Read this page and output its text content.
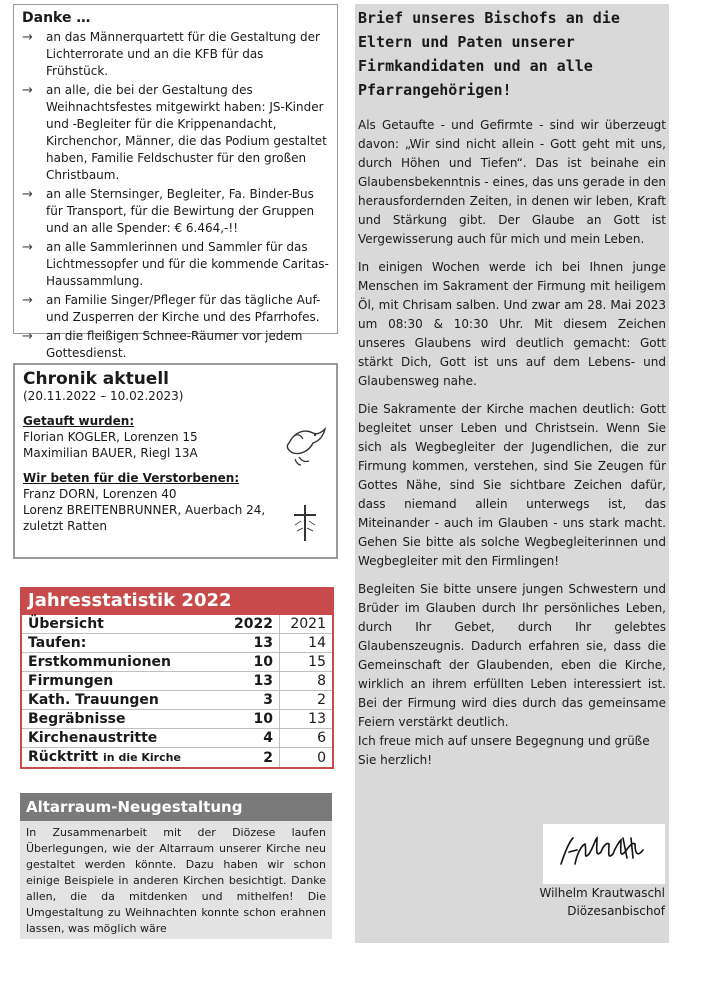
Danke …
→ an das Männerquartett für die Gestaltung der Lichterrorate und an die KFB für das Frühstück.
→ an alle, die bei der Gestaltung des Weihnachtsfestes mitgewirkt haben: JS-Kinder und -Begleiter für die Krippenandacht, Kirchenchor, Männer, die das Podium gestaltet haben, Familie Feldschuster für den großen Christbaum.
→ an alle Sternsinger, Begleiter, Fa. Binder-Bus für Transport, für die Bewirtung der Gruppen und an alle Spender: € 6.464,-!!
→ an alle Sammlerinnen und Sammler für das Lichtmessopfer und für die kommende Caritas-Haussammlung.
→ an Familie Singer/Pfleger für das tägliche Auf- und Zusperren der Kirche und des Pfarrhofes.
→ an die fleißigen Schnee-Räumer vor jedem Gottesdienst.
Chronik aktuell
(20.11.2022 – 10.02.2023)
Getauft wurden:
Florian KOGLER, Lorenzen 15
Maximilian BAUER, Riegl 13A
Wir beten für die Verstorbenen:
Franz DORN, Lorenzen 40
Lorenz BREITENBRUNNER, Auerbach 24,
zuletzt Ratten
Jahresstatistik 2022
Übersicht	2022	2021
Taufen:	13	14
Erstkommunionen	10	15
Firmungen	13	8
Kath. Trauungen	3	2
Begräbnisse	10	13
Kirchenaustritte	4	6
Rücktritt in die Kirche	2	0
Altarraum-Neugestaltung
In Zusammenarbeit mit der Diözese laufen Überlegungen, wie der Altarraum unserer Kirche neu gestaltet werden könnte. Dazu haben wir schon einige Beispiele in anderen Kirchen besichtigt. Danke allen, die da mitdenken und mithelfen! Die Umgestaltung zu Weihnachten konnte schon erahnen lassen, was möglich wäre
Brief unseres Bischofs an die Eltern und Paten unserer Firmkandidaten und an alle Pfarrangehörigen!

Als Getaufte - und Gefirmte - sind wir überzeugt davon: „Wir sind nicht allein - Gott geht mit uns, durch Höhen und Tiefen“. Das ist beinahe ein Glaubensbekenntnis - eines, das uns gerade in den herausfordernden Zeiten, in denen wir leben, Kraft und Stärkung gibt. Der Glaube an Gott ist Vergewisserung auch für mich und mein Leben.

In einigen Wochen werde ich bei Ihnen junge Menschen im Sakrament der Firmung mit heiligem Öl, mit Chrisam salben. Und zwar am 28. Mai 2023 um 08:30 & 10:30 Uhr. Mit diesem Zeichen unseres Glaubens wird deutlich gemacht: Gott stärkt Dich, Gott ist uns auf dem Lebens- und Glaubensweg nahe.

Die Sakramente der Kirche machen deutlich: Gott begleitet unser Leben und Christsein. Wenn Sie sich als Wegbegleiter der Jugendlichen, die zur Firmung kommen, verstehen, sind Sie Zeugen für Gottes Nähe, sind Sie sichtbare Zeichen dafür, dass niemand allein unterwegs ist, das Miteinander - auch im Glauben - uns stark macht. Gehen Sie bitte als solche Wegbegleiterinnen und Wegbegleiter mit den Firmlingen!

Begleiten Sie bitte unsere jungen Schwestern und Brüder im Glauben durch Ihr persönliches Leben, durch Ihr Gebet, durch Ihr gelebtes Glaubenszeugnis. Dadurch erfahren sie, dass die Gemeinschaft der Glaubenden, eben die Kirche, wirklich an ihrem erfüllten Leben interessiert ist. Bei der Firmung wird dies durch das gemeinsame Feiern verstärkt deutlich.

Ich freue mich auf unsere Begegnung und grüße Sie herzlich!

Wilhelm Krautwaschl
Diözesanbischof
